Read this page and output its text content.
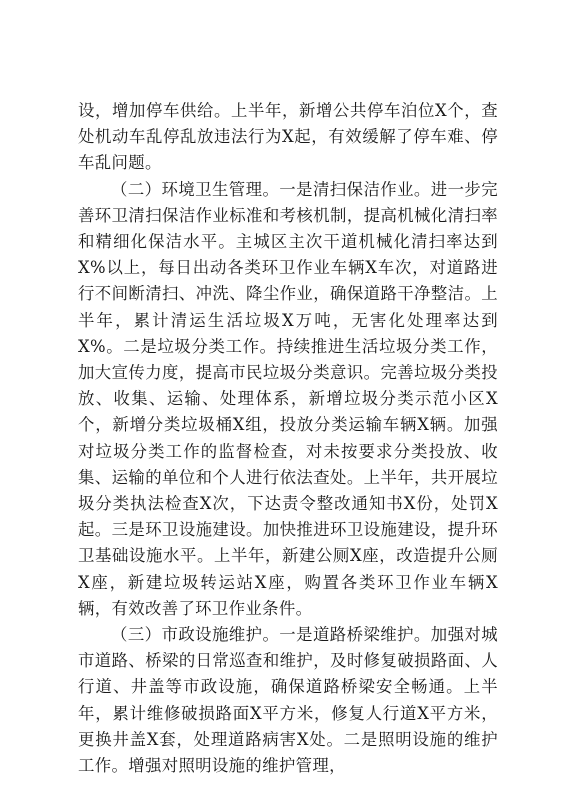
设，增加停车供给。上半年，新增公共停车泊位X个，查处机动车乱停乱放违法行为X起，有效缓解了停车难、停车乱问题。

（二）环境卫生管理。一是清扫保洁作业。进一步完善环卫清扫保洁作业标准和考核机制，提高机械化清扫率和精细化保洁水平。主城区主次干道机械化清扫率达到X%以上，每日出动各类环卫作业车辆X车次，对道路进行不间断清扫、冲洗、降尘作业，确保道路干净整洁。上半年，累计清运生活垃圾X万吨，无害化处理率达到X%。二是垃圾分类工作。持续推进生活垃圾分类工作，加大宣传力度，提高市民垃圾分类意识。完善垃圾分类投放、收集、运输、处理体系，新增垃圾分类示范小区X个，新增分类垃圾桶X组，投放分类运输车辆X辆。加强对垃圾分类工作的监督检查，对未按要求分类投放、收集、运输的单位和个人进行依法查处。上半年，共开展垃圾分类执法检查X次，下达责令整改通知书X份，处罚X起。三是环卫设施建设。加快推进环卫设施建设，提升环卫基础设施水平。上半年，新建公厕X座，改造提升公厕X座，新建垃圾转运站X座，购置各类环卫作业车辆X辆，有效改善了环卫作业条件。

（三）市政设施维护。一是道路桥梁维护。加强对城市道路、桥梁的日常巡查和维护，及时修复破损路面、人行道、井盖等市政设施，确保道路桥梁安全畅通。上半年，累计维修破损路面X平方米，修复人行道X平方米，更换井盖X套，处理道路病害X处。二是照明设施的维护工作。增强对照明设施的维护管理，
